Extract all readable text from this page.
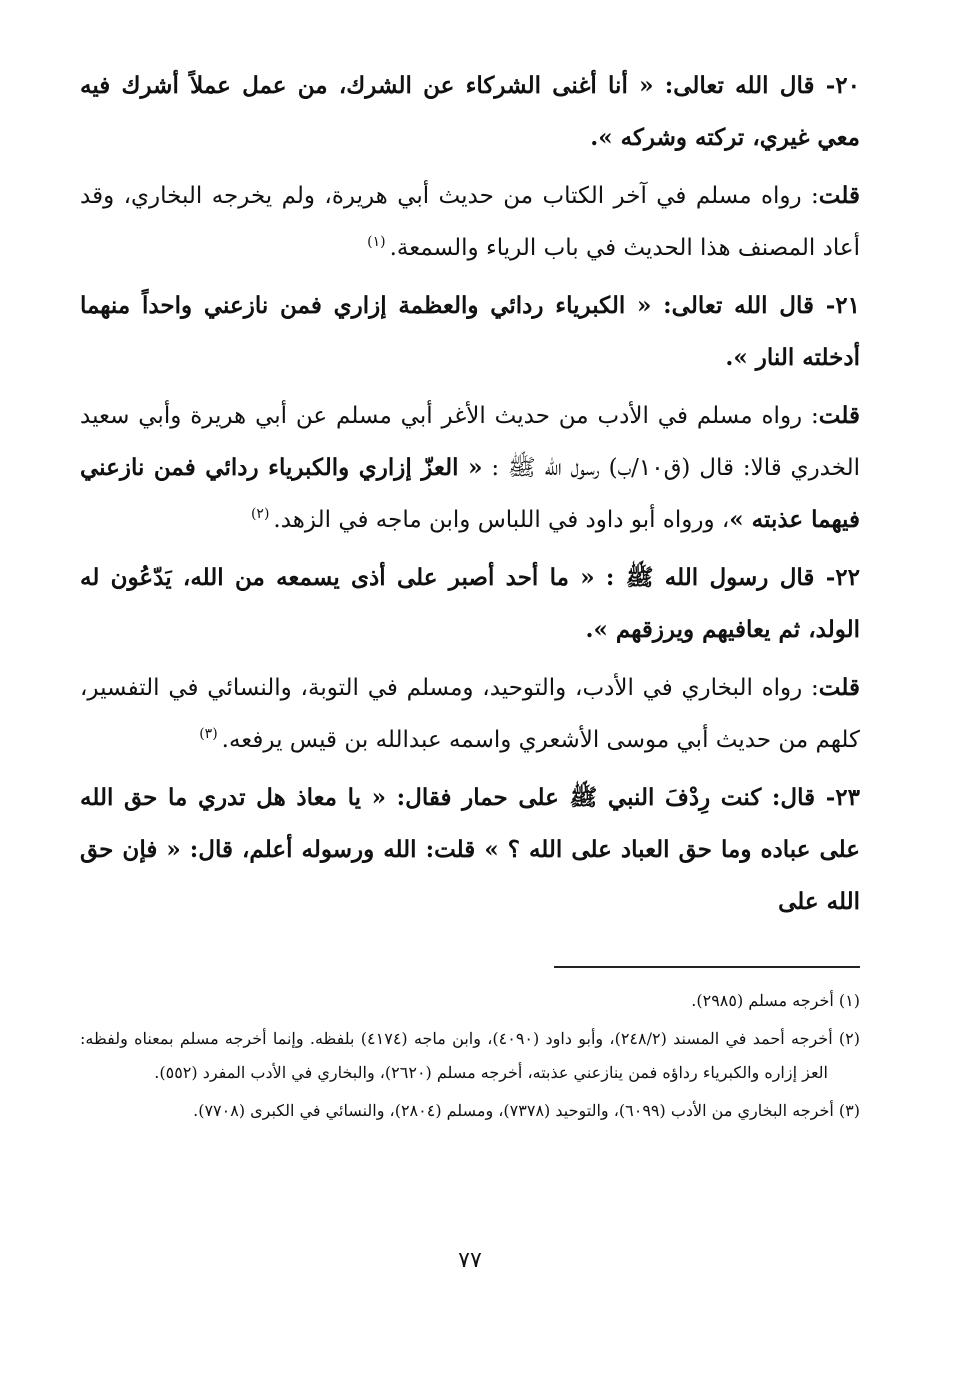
٢٠- قال الله تعالى: « أنا أغنى الشركاء عن الشرك، من عمل عملاً أشرك فيه معي غيري، تركته وشركه ».

قلت: رواه مسلم في آخر الكتاب من حديث أبي هريرة، ولم يخرجه البخاري، وقد أعاد المصنف هذا الحديث في باب الرياء والسمعة.$^{(١)}$

٢١- قال الله تعالى: « الكبرياء ردائي والعظمة إزاري فمن نازعني واحداً منهما أدخلته النار ».

قلت: رواه مسلم في الأدب من حديث الأغر أبي مسلم عن أبي هريرة وأبي سعيد الخدري قالا: قال (ق١٠/ب) رسول الله ﷺ : « العزّ إزاري والكبرياء ردائي فمن نازعني فيهما عذبته »، ورواه أبو داود في اللباس وابن ماجه في الزهد.$^{(٢)}$

٢٢- قال رسول الله ﷺ : « ما أحد أصبر على أذى يسمعه من الله، يَدّعُون له الولد، ثم يعافيهم ويرزقهم ».

قلت: رواه البخاري في الأدب، والتوحيد، ومسلم في التوبة، والنسائي في التفسير، كلهم من حديث أبي موسى الأشعري واسمه عبدالله بن قيس يرفعه.$^{(٣)}$

٢٣- قال: كنت رِدْفَ النبي ﷺ على حمار فقال: « يا معاذ هل تدري ما حق الله على عباده وما حق العباد على الله ؟ » قلت: الله ورسوله أعلم، قال: « فإن حق الله على

(١) أخرجه مسلم (٢٩٨٥).

(٢) أخرجه أحمد في المسند (٢٤٨/٢)، وأبو داود (٤٠٩٠)، وابن ماجه (٤١٧٤) بلفظه. وإنما أخرجه مسلم بمعناه ولفظه: العز إزاره والكبرياء رداؤه فمن ينازعني عذبته، أخرجه مسلم (٢٦٢٠)، والبخاري في الأدب المفرد (٥٥٢).

(٣) أخرجه البخاري من الأدب (٦٠٩٩)، والتوحيد (٧٣٧٨)، ومسلم (٢٨٠٤)، والنسائي في الكبرى (٧٧٠٨).

٧٧
